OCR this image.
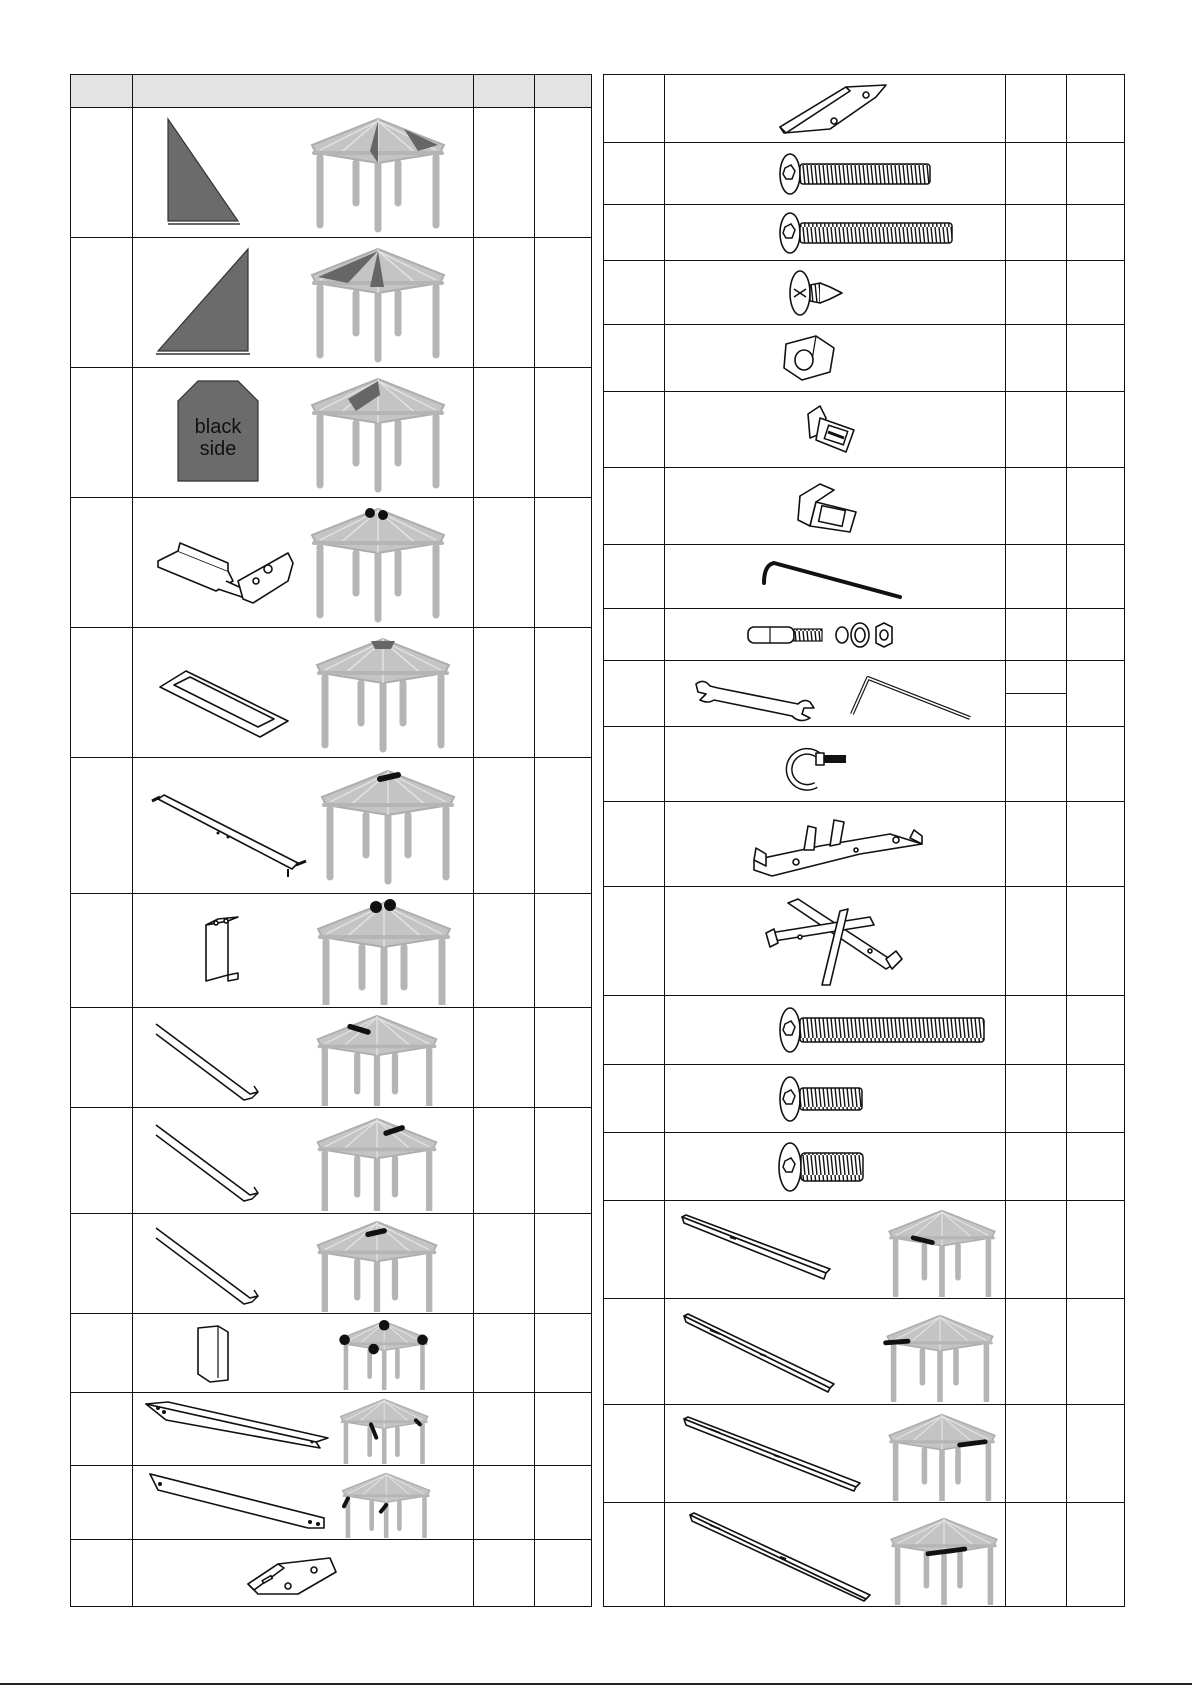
black
side		
